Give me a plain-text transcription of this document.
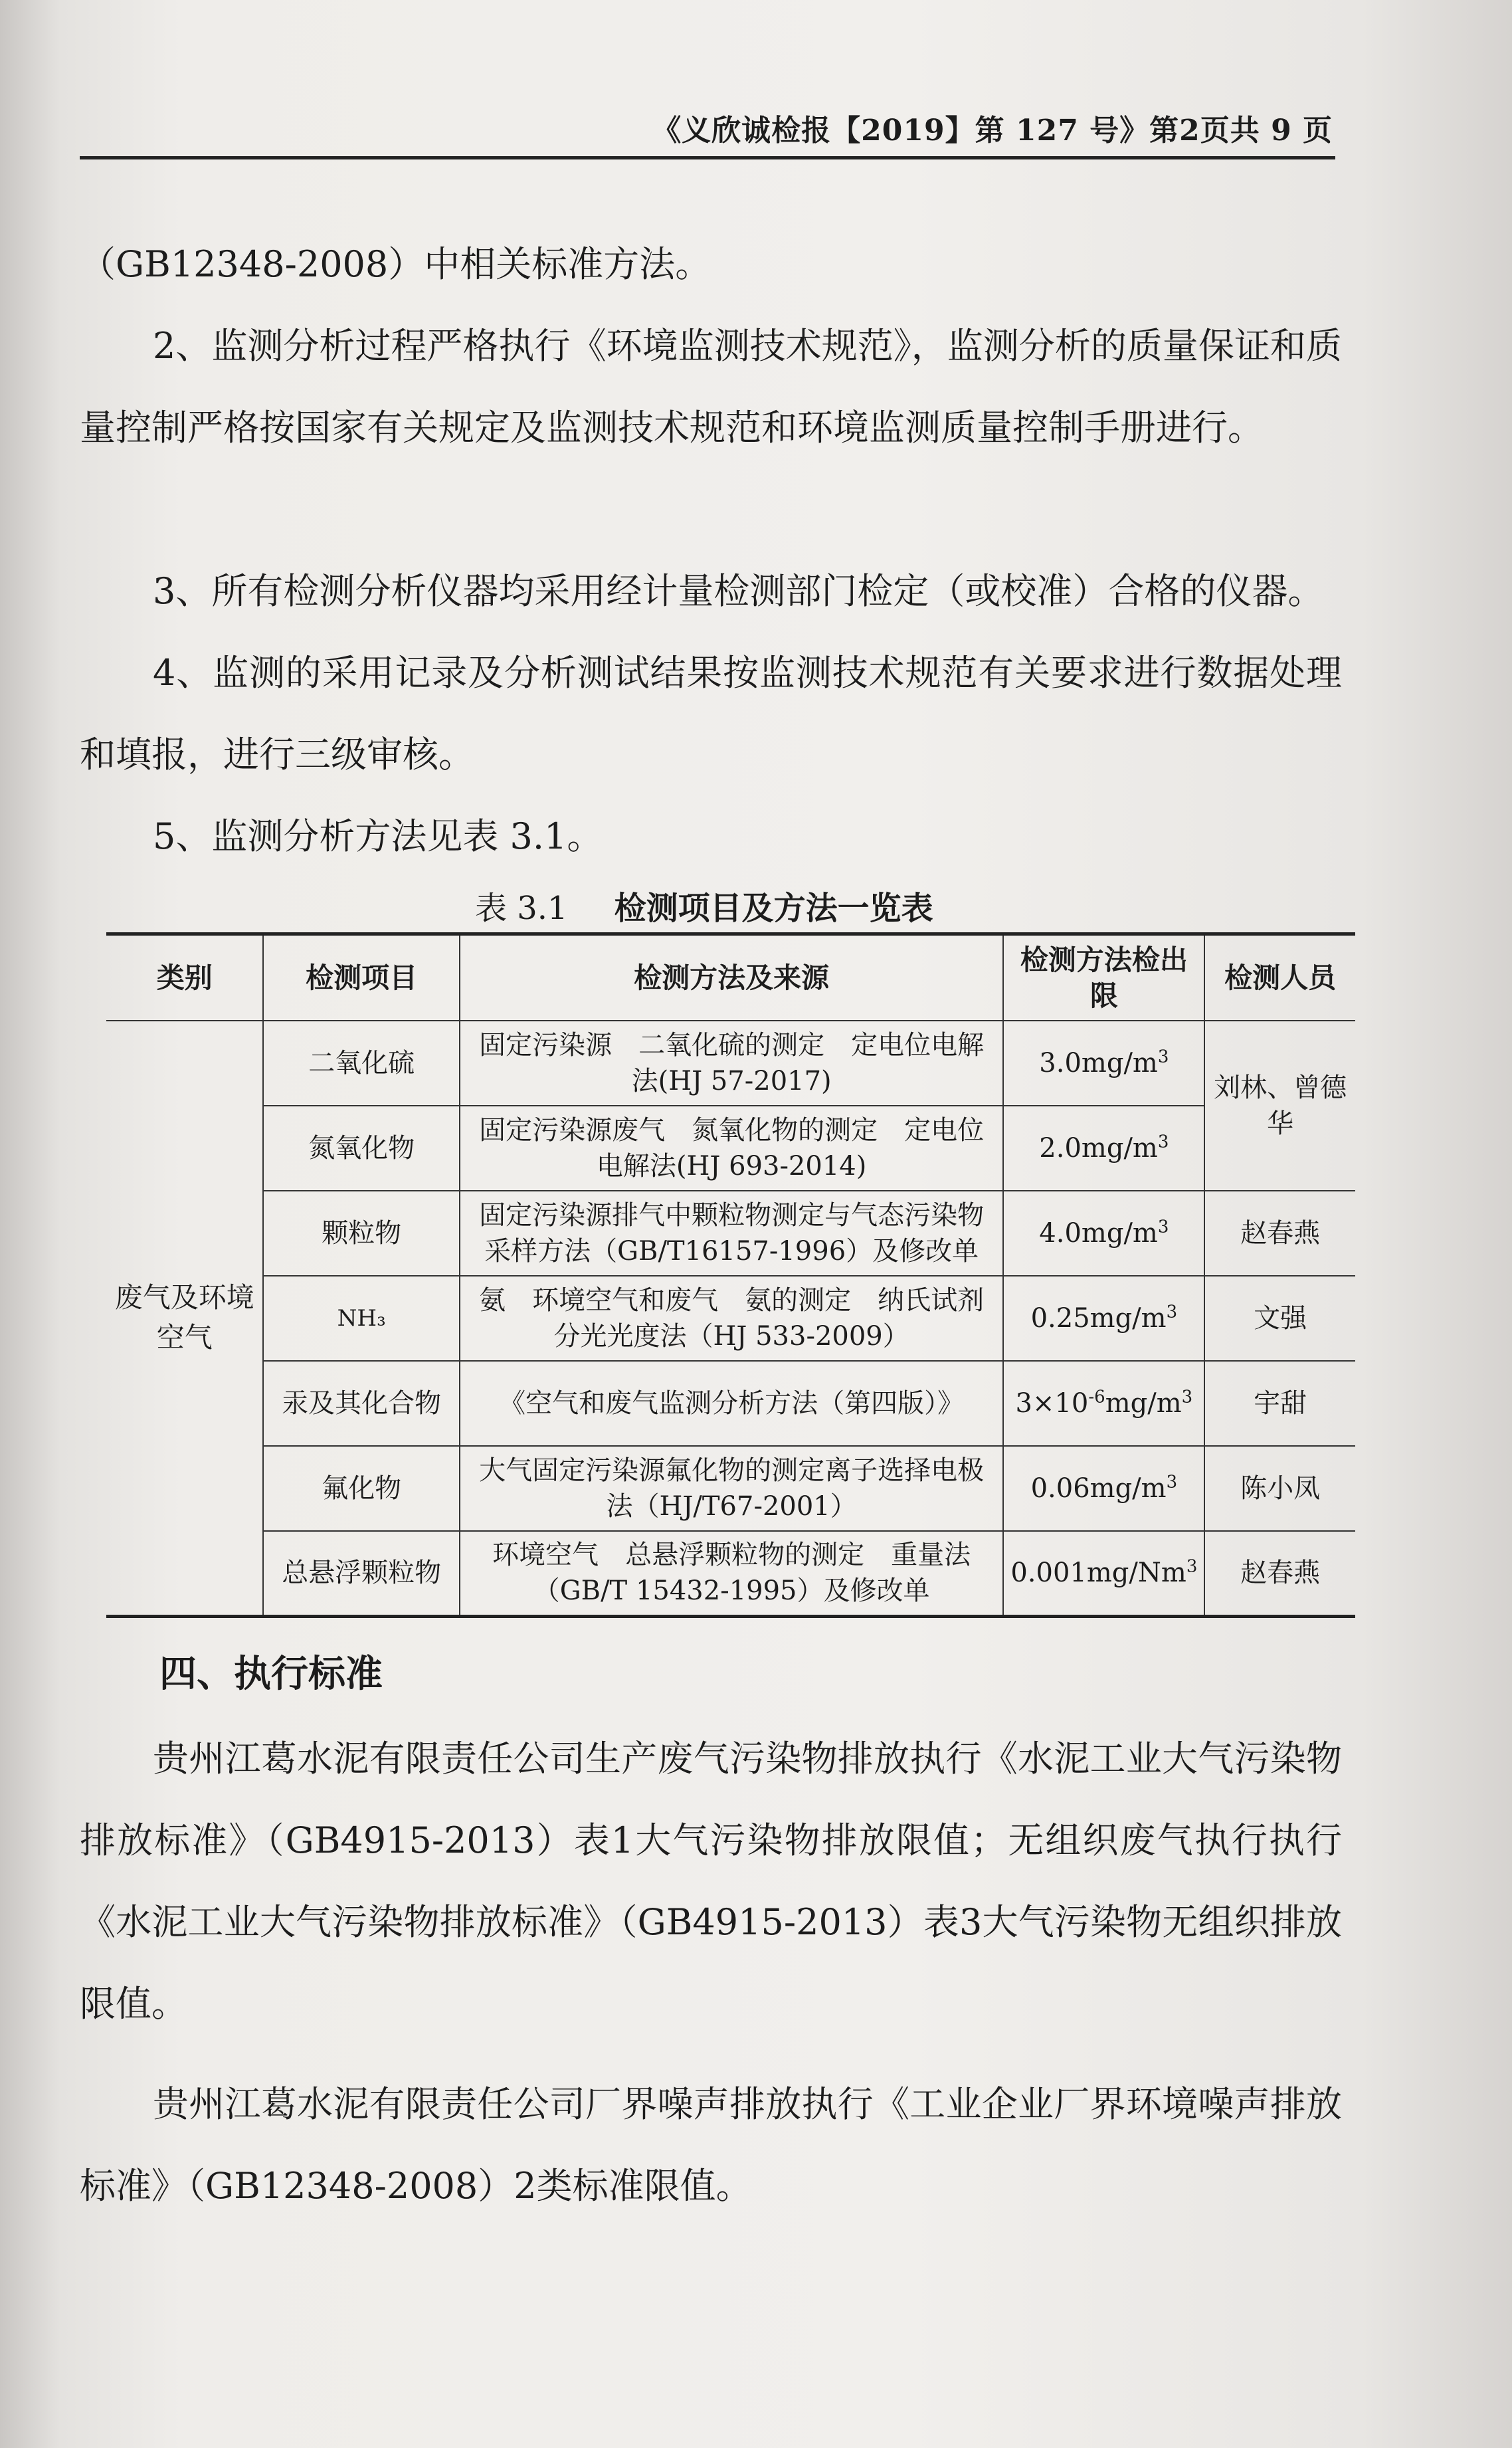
《义欣诚检报【2019】第 127 号》第2页共 9 页
（GB12348-2008）中相关标准方法。
2、监测分析过程严格执行《环境监测技术规范》，监测分析的质量保证和质量控制严格按国家有关规定及监测技术规范和环境监测质量控制手册进行。
3、所有检测分析仪器均采用经计量检测部门检定（或校准）合格的仪器。
4、监测的采用记录及分析测试结果按监测技术规范有关要求进行数据处理和填报，进行三级审核。
5、监测分析方法见表 3.1。
表 3.1 检测项目及方法一览表
类别	检测项目	检测方法及来源	检测方法检出限	检测人员
废气及环境空气	二氧化硫	固定污染源　二氧化硫的测定　定电位电解法(HJ 57-2017)	$3.0mg/m^3$	刘林、曾德华
	氮氧化物	固定污染源废气　氮氧化物的测定　定电位电解法(HJ 693-2014)	$2.0mg/m^3$
	颗粒物	固定污染源排气中颗粒物测定与气态污染物采样方法（GB/T16157-1996）及修改单	$4.0mg/m^3$	赵春燕
	NH₃	氨　环境空气和废气　氨的测定　纳氏试剂分光光度法（HJ 533-2009）	$0.25mg/m^3$	文强
	汞及其化合物	《空气和废气监测分析方法（第四版）》	$3\times 10^{-6}mg/m^3$	宇甜
	氟化物	大气固定污染源氟化物的测定离子选择电极法（HJ/T67-2001）	$0.06mg/m^3$	陈小凤
	总悬浮颗粒物	环境空气　总悬浮颗粒物的测定　重量法（GB/T 15432-1995）及修改单	0.001mg/Nm$^3$	赵春燕
四、执行标准
贵州江葛水泥有限责任公司生产废气污染物排放执行《水泥工业大气污染物排放标准》（GB4915-2013）表1大气污染物排放限值；无组织废气执行执行《水泥工业大气污染物排放标准》（GB4915-2013）表3大气污染物无组织排放限值。
贵州江葛水泥有限责任公司厂界噪声排放执行《工业企业厂界环境噪声排放标准》（GB12348-2008）2类标准限值。
